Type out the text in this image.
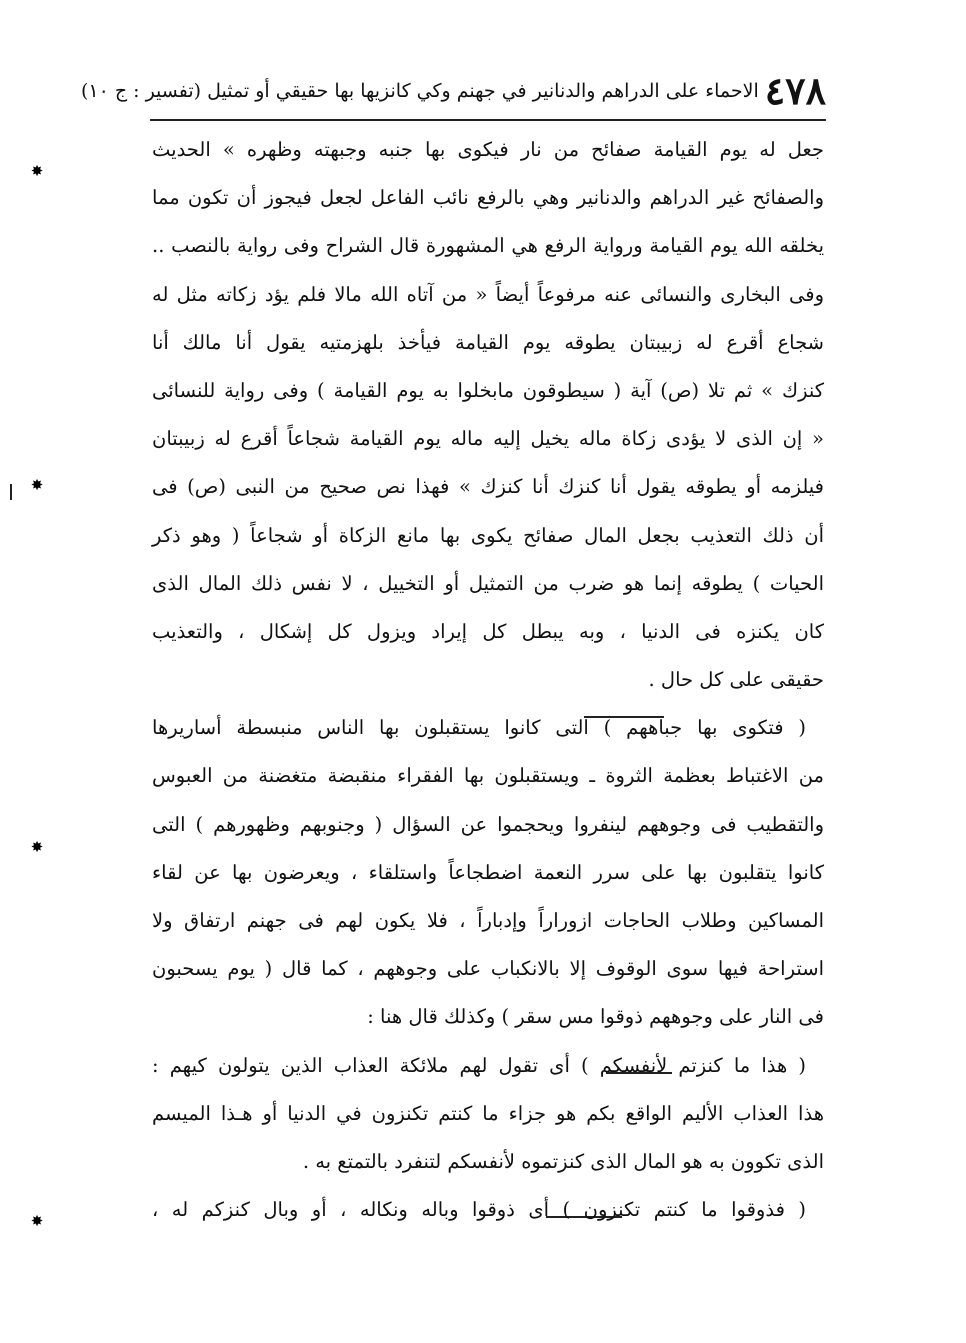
٤٧٨
الاحماء على الدراهم والدنانير في جهنم وكي كانزيها بها حقيقي أو تمثيل (تفسير : ج ١٠)
✸
✸
✸
✸
جعل له يوم القيامة صفائح من نار فيكوى بها جنبه وجبهته وظهره » الحديث
والصفائح غير الدراهم والدنانير وهي بالرفع نائب الفاعل لجعل فيجوز أن تكون مما
يخلقه الله يوم القيامة ورواية الرفع هي المشهورة قال الشراح وفى رواية بالنصب ..
وفى البخارى والنسائى عنه مرفوعاً أيضاً « من آتاه الله مالا فلم يؤد زكاته مثل له
شجاع أقرع له زبيبتان يطوقه يوم القيامة فيأخذ بلهزمتيه يقول أنا مالك أنا
كنزك » ثم تلا (ص) آية ( سيطوقون مابخلوا به يوم القيامة ) وفى رواية للنسائى
« إن الذى لا يؤدى زكاة ماله يخيل إليه ماله يوم القيامة شجاعاً أقرع له زبيبتان
فيلزمه أو يطوقه يقول أنا كنزك أنا كنزك » فهذا نص صحيح من النبى (ص) فى
أن ذلك التعذيب بجعل المال صفائح يكوى بها مانع الزكاة أو شجاعاً ( وهو ذكر
الحيات ) يطوقه إنما هو ضرب من التمثيل أو التخييل ، لا نفس ذلك المال الذى
كان يكنزه فى الدنيا ، وبه يبطل كل إيراد ويزول كل إشكال ، والتعذيب
حقيقى على كل حال .
( فتكوى بها جباههم ) التى كانوا يستقبلون بها الناس منبسطة أساريرها
من الاغتباط بعظمة الثروة ـ ويستقبلون بها الفقراء منقبضة متغضنة من العبوس
والتقطيب فى وجوههم لينفروا ويحجموا عن السؤال ( وجنوبهم وظهورهم ) التى
كانوا يتقلبون بها على سرر النعمة اضطجاعاً واستلقاء ، ويعرضون بها عن لقاء
المساكين وطلاب الحاجات ازوراراً وإدباراً ، فلا يكون لهم فى جهنم ارتفاق ولا
استراحة فيها سوى الوقوف إلا بالانكباب على وجوههم ، كما قال ( يوم يسحبون
فى النار على وجوههم ذوقوا مس سقر ) وكذلك قال هنا :
( هذا ما كنزتم لأنفسكم ) أى تقول لهم ملائكة العذاب الذين يتولون كيهم :
هذا العذاب الأليم الواقع بكم هو جزاء ما كنتم تكنزون في الدنيا أو هـذا الميسم
الذى تكوون به هو المال الذى كنزتموه لأنفسكم لتنفرد بالتمتع به .
( فذوقوا ما كنتم تكنزون ) أى ذوقوا وباله ونكاله ، أو وبال كنزكم له ،
